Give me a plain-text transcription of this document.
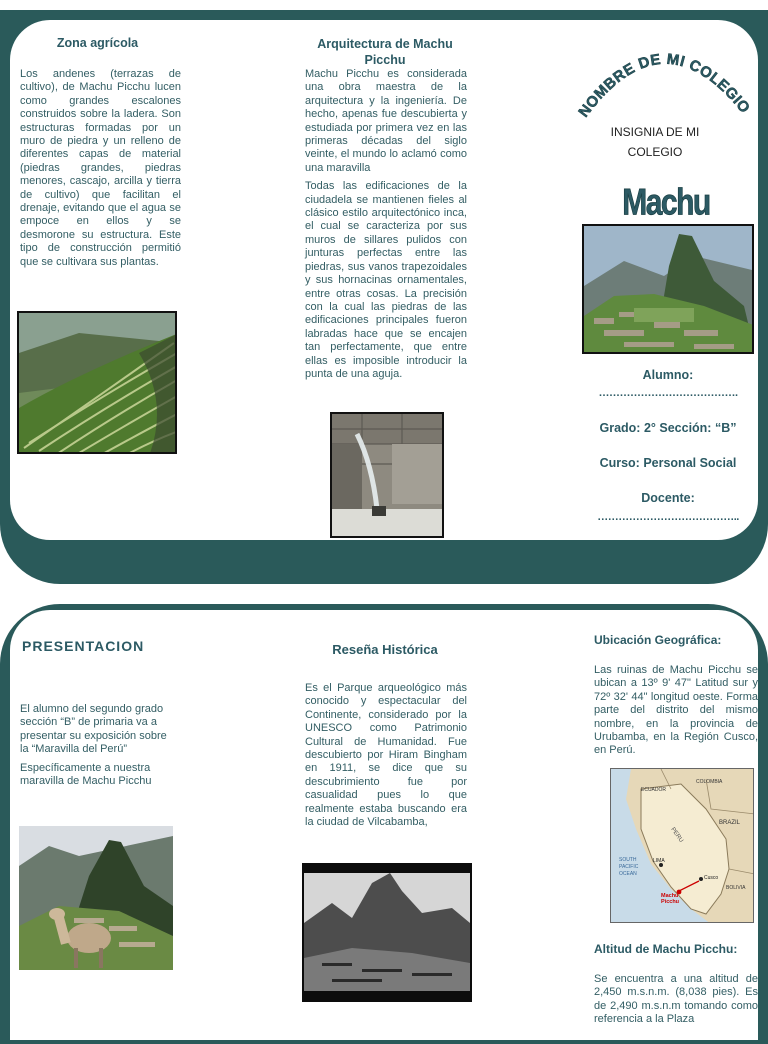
Zona agrícola

Los andenes (terrazas de cultivo), de Machu Picchu lucen como grandes escalones construidos sobre la ladera. Son estructuras formadas por un muro de piedra y un relleno de diferentes capas de material (piedras grandes, piedras menores, cascajo, arcilla y tierra de cultivo) que facilitan el drenaje, evitando que el agua se empoce en ellos y se desmorone su estructura. Este tipo de construcción permitió que se cultivara sus plantas.

Arquitectura de Machu Picchu

Machu Picchu es considerada una obra maestra de la arquitectura y la ingeniería. De hecho, apenas fue descubierta y estudiada por primera vez en las primeras décadas del siglo veinte, el mundo lo aclamó como una maravilla

Todas las edificaciones de la ciudadela se mantienen fieles al clásico estilo arquitectónico inca, el cual se caracteriza por sus muros de sillares pulidos con junturas perfectas entre las piedras, sus vanos trapezoidales y sus hornacinas ornamentales, entre otras cosas. La precisión con la cual las piedras de las edificaciones principales fueron labradas hace que se encajen tan perfectamente, que entre ellas es imposible introducir la punta de una aguja.

NOMBRE DE MI COLEGIO
INSIGNIA DE MI
COLEGIO
Machu
Alumno:
………………………………….
Grado: 2° Sección: “B”
Curso: Personal Social
Docente:
…………………………………..
PRESENTACION

El alumno del segundo grado sección “B” de primaria va a presentar su exposición sobre la “Maravilla del Perú”

Específicamente a nuestra maravilla de Machu Picchu

Reseña Histórica

Es el Parque arqueológico más conocido y espectacular del Continente, considerado por la UNESCO como Patrimonio Cultural de Humanidad. Fue descubierto por Hiram Bingham en 1911, se dice que su descubrimiento fue por casualidad pues lo que realmente estaba buscando era la ciudad de Vilcabamba,

Ubicación Geográfica:

Las ruinas de Machu Picchu se ubican a 13º 9' 47" Latitud sur y 72º 32' 44" longitud oeste. Forma parte del distrito del mismo nombre, en la provincia de Urubamba, en la Región Cusco, en Perú.

ECUADOR
COLOMBIA
BRAZIL
SOUTH
PACIFIC
OCEAN
LIMA
Cusco
BOLIVIA
Machu
Picchu
PERU
Altitud de Machu Picchu:

Se encuentra a una altitud de 2,450 m.s.n.m. (8,038 pies). Es de 2,490 m.s.n.m tomando como referencia a la Plaza
